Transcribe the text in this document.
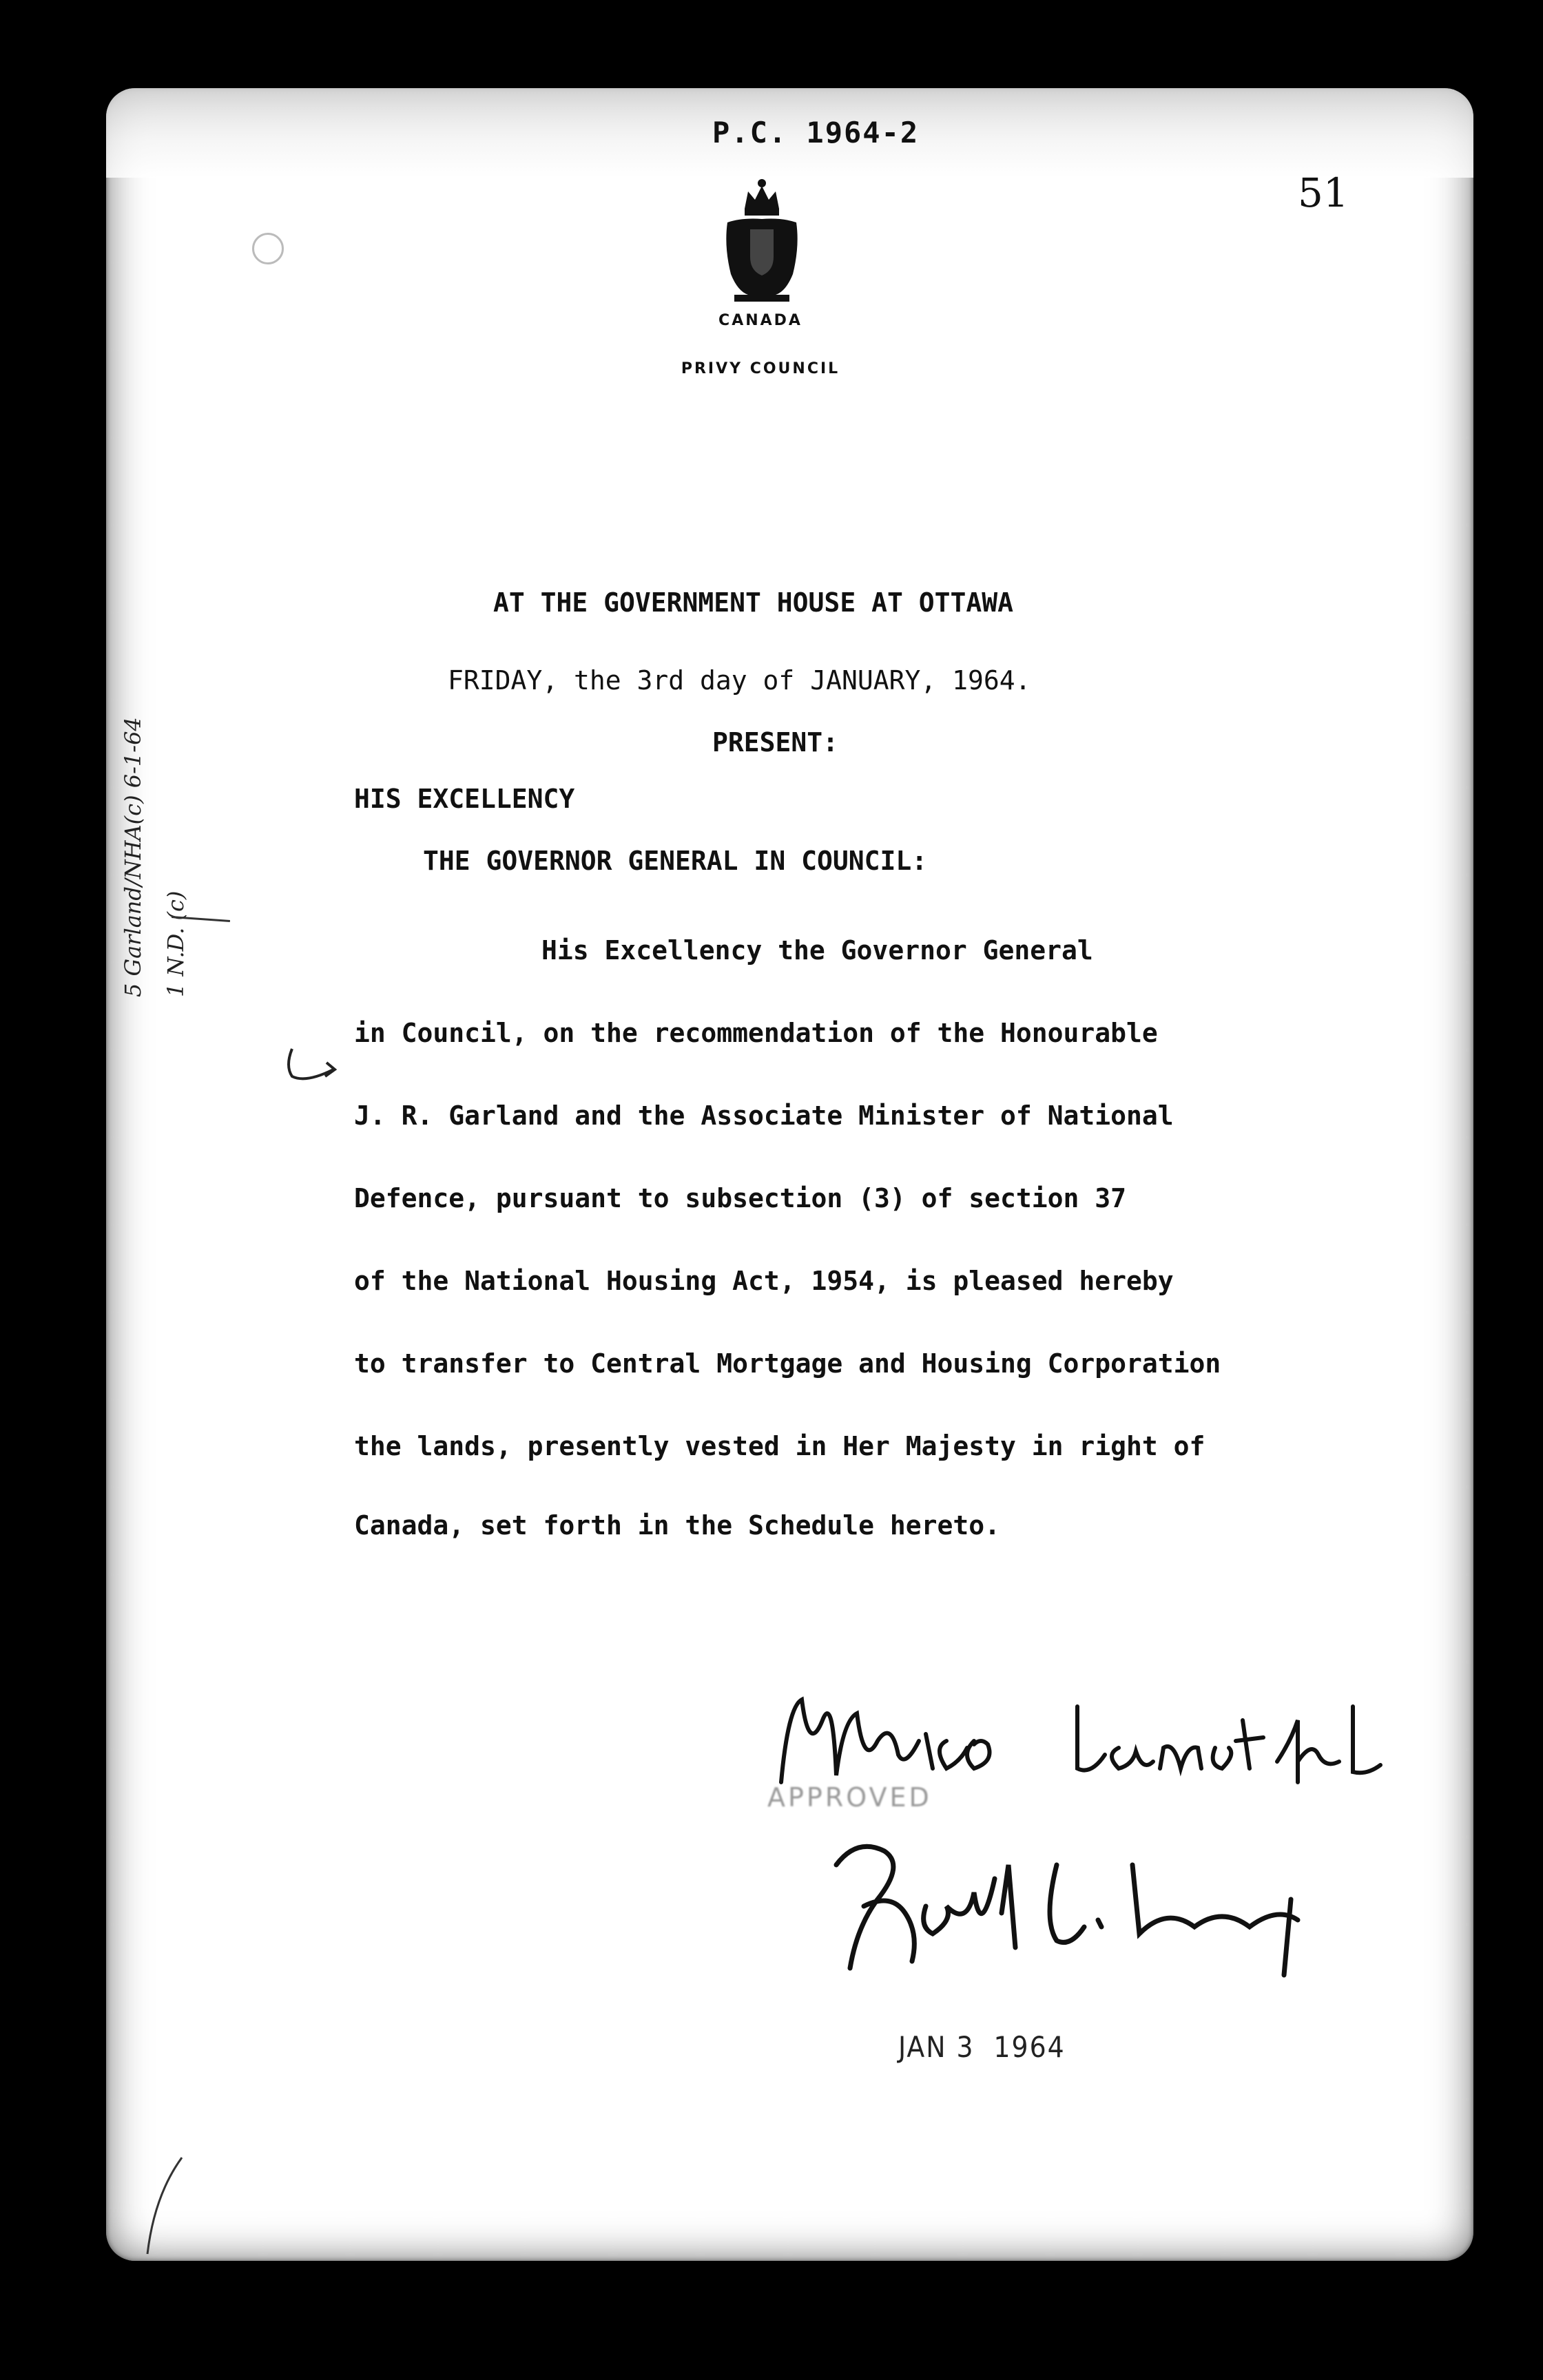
P.C. 1964-2
51
CANADA
PRIVY COUNCIL
AT THE GOVERNMENT HOUSE AT OTTAWA
FRIDAY, the 3rd day of JANUARY, 1964.
PRESENT:
HIS EXCELLENCY
THE GOVERNOR GENERAL IN COUNCIL:
His Excellency the Governor General
in Council, on the recommendation of the Honourable
J. R. Garland and the Associate Minister of National
Defence, pursuant to subsection (3) of section 37
of the National Housing Act, 1954, is pleased hereby
to transfer to Central Mortgage and Housing Corporation
the lands, presently vested in Her Majesty in right of
Canada, set forth in the Schedule hereto.
5 Garland/NHA(c) 6-1-64 1 N.D. (c)
APPROVED
JAN 3  1964
